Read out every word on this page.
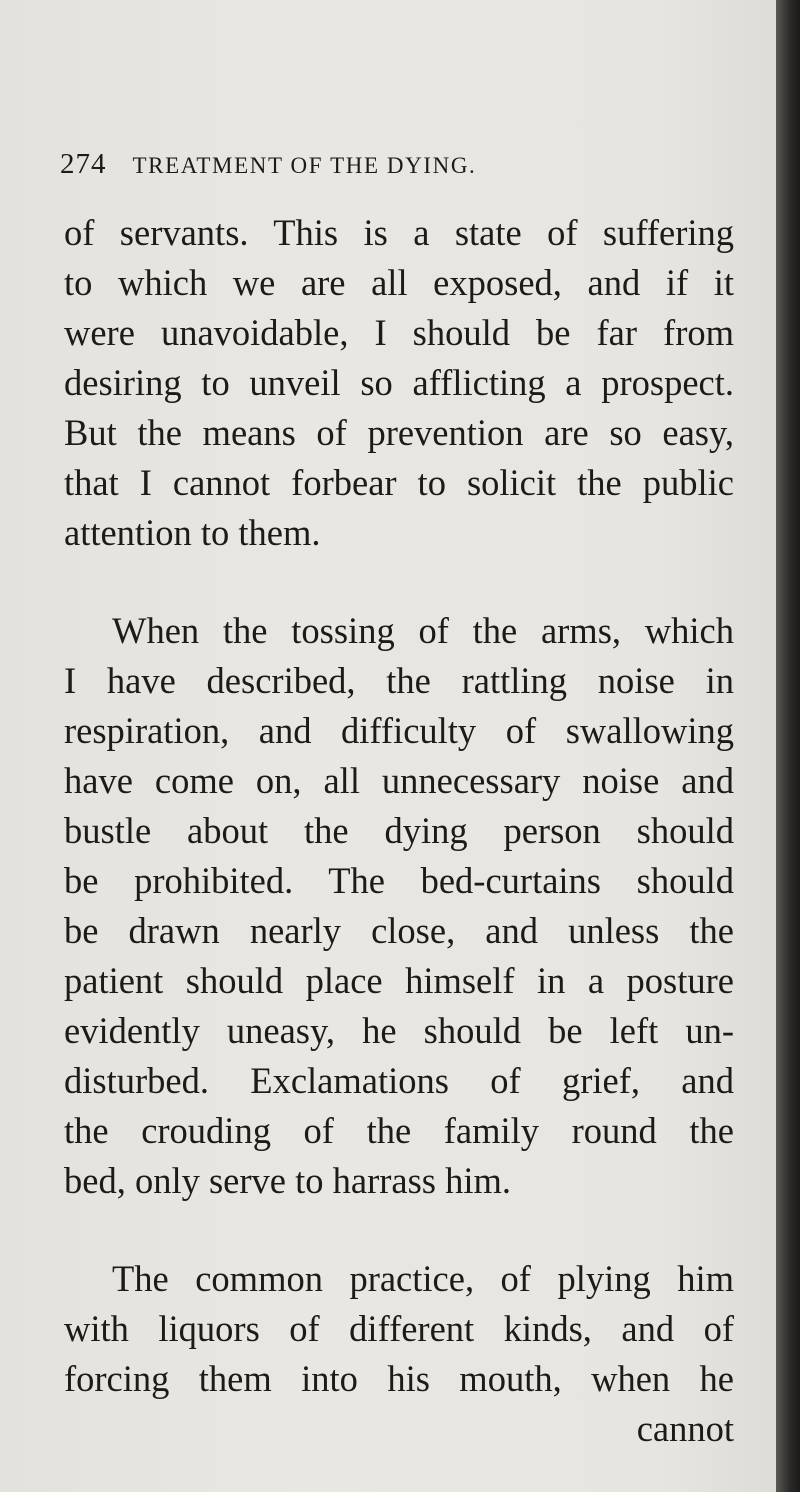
274 TREATMENT OF THE DYING.
of servants. This is a state of suffering
to which we are all exposed, and if it
were unavoidable, I should be far from
desiring to unveil so afflicting a prospect.
But the means of prevention are so easy,
that I cannot forbear to solicit the public
attention to them.
When the tossing of the arms, which
I have described, the rattling noise in
respiration, and difficulty of swallowing
have come on, all unnecessary noise and
bustle about the dying person should
be prohibited. The bed-curtains should
be drawn nearly close, and unless the
patient should place himself in a posture
evidently uneasy, he should be left un-
disturbed. Exclamations of grief, and
the crouding of the family round the
bed, only serve to harrass him.
The common practice, of plying him
with liquors of different kinds, and of
forcing them into his mouth, when he
cannot
